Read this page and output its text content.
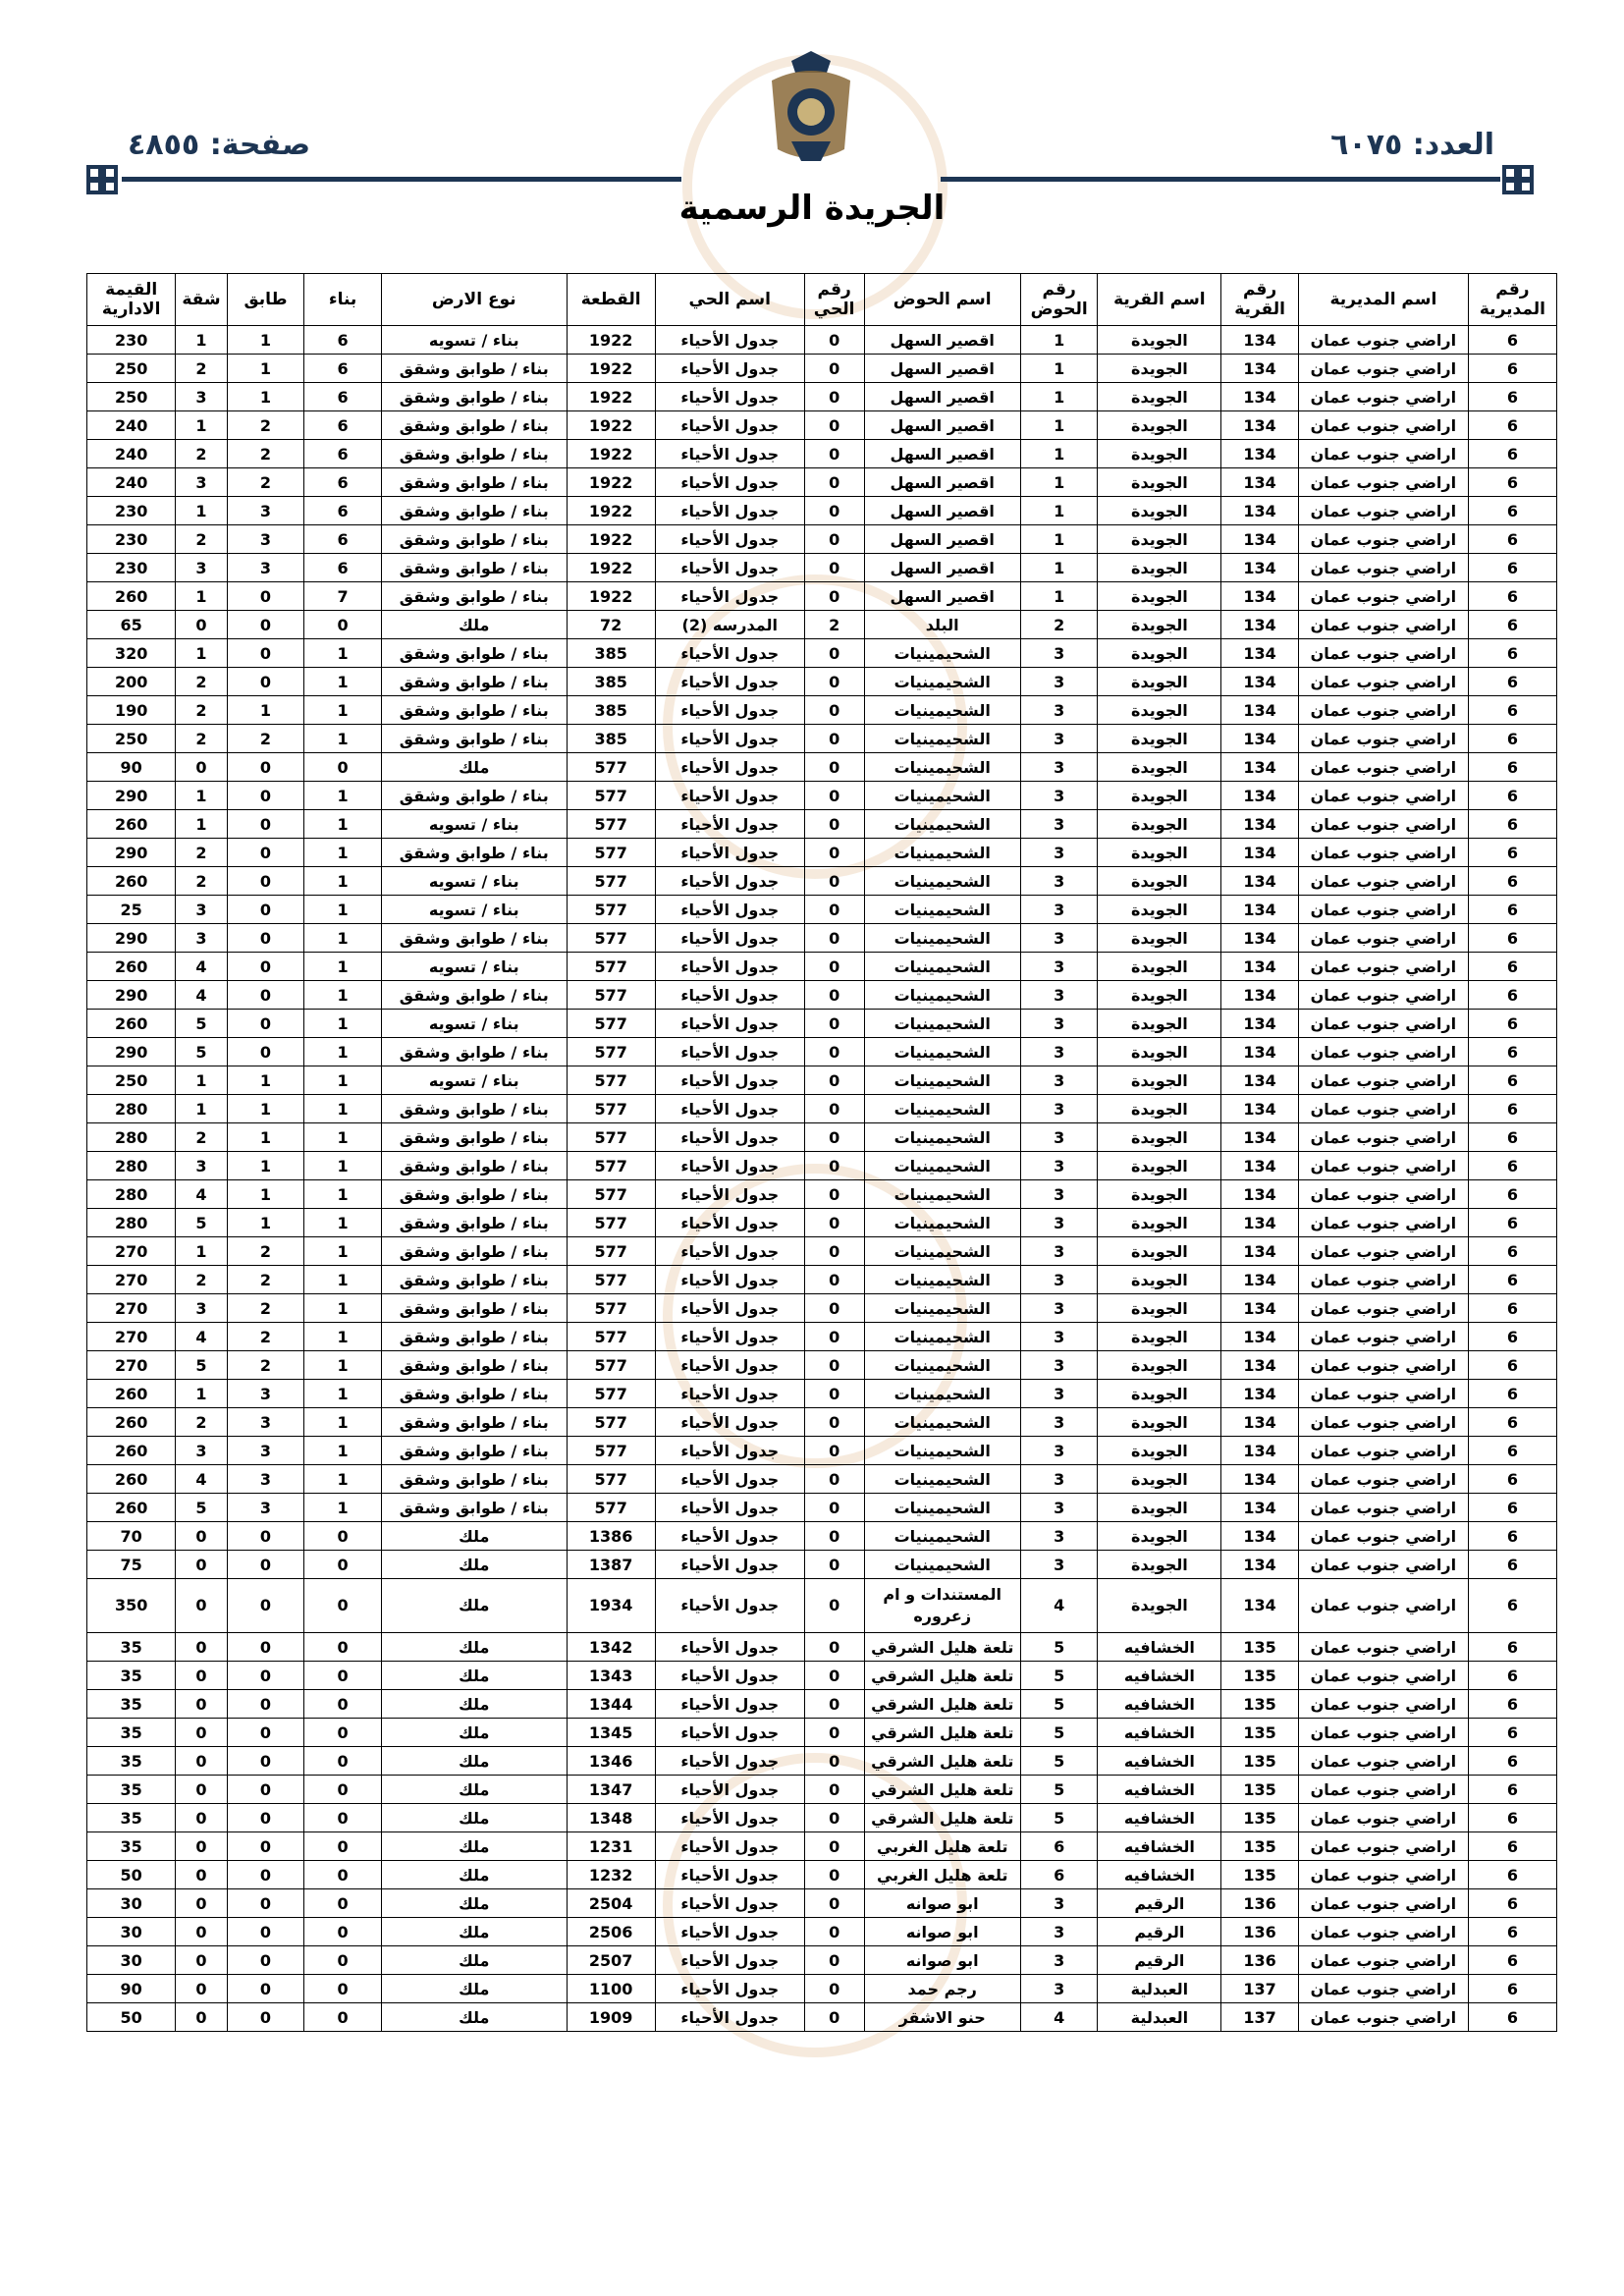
العدد: ٦٠٧٥
صفحة: ٤٨٥٥
الجريدة الرسمية
رقم المديرية	اسم المديرية	رقم القرية	اسم القرية	رقم الحوض	اسم الحوض	رقم الحي	اسم الحي	القطعة	نوع الارض	بناء	طابق	شقة	القيمة الادارية
6	اراضي جنوب عمان	134	الجويدة	1	اقصير السهل	0	جدول الأحياء	1922	بناء / تسويه	6	1	1	230
6	اراضي جنوب عمان	134	الجويدة	1	اقصير السهل	0	جدول الأحياء	1922	بناء / طوابق وشقق	6	1	2	250
6	اراضي جنوب عمان	134	الجويدة	1	اقصير السهل	0	جدول الأحياء	1922	بناء / طوابق وشقق	6	1	3	250
6	اراضي جنوب عمان	134	الجويدة	1	اقصير السهل	0	جدول الأحياء	1922	بناء / طوابق وشقق	6	2	1	240
6	اراضي جنوب عمان	134	الجويدة	1	اقصير السهل	0	جدول الأحياء	1922	بناء / طوابق وشقق	6	2	2	240
6	اراضي جنوب عمان	134	الجويدة	1	اقصير السهل	0	جدول الأحياء	1922	بناء / طوابق وشقق	6	2	3	240
6	اراضي جنوب عمان	134	الجويدة	1	اقصير السهل	0	جدول الأحياء	1922	بناء / طوابق وشقق	6	3	1	230
6	اراضي جنوب عمان	134	الجويدة	1	اقصير السهل	0	جدول الأحياء	1922	بناء / طوابق وشقق	6	3	2	230
6	اراضي جنوب عمان	134	الجويدة	1	اقصير السهل	0	جدول الأحياء	1922	بناء / طوابق وشقق	6	3	3	230
6	اراضي جنوب عمان	134	الجويدة	1	اقصير السهل	0	جدول الأحياء	1922	بناء / طوابق وشقق	7	0	1	260
6	اراضي جنوب عمان	134	الجويدة	2	البلد	2	المدرسه (2)	72	ملك	0	0	0	65
6	اراضي جنوب عمان	134	الجويدة	3	الشحيمينيات	0	جدول الأحياء	385	بناء / طوابق وشقق	1	0	1	320
6	اراضي جنوب عمان	134	الجويدة	3	الشحيمينيات	0	جدول الأحياء	385	بناء / طوابق وشقق	1	0	2	200
6	اراضي جنوب عمان	134	الجويدة	3	الشحيمينيات	0	جدول الأحياء	385	بناء / طوابق وشقق	1	1	2	190
6	اراضي جنوب عمان	134	الجويدة	3	الشحيمينيات	0	جدول الأحياء	385	بناء / طوابق وشقق	1	2	2	250
6	اراضي جنوب عمان	134	الجويدة	3	الشحيمينيات	0	جدول الأحياء	577	ملك	0	0	0	90
6	اراضي جنوب عمان	134	الجويدة	3	الشحيمينيات	0	جدول الأحياء	577	بناء / طوابق وشقق	1	0	1	290
6	اراضي جنوب عمان	134	الجويدة	3	الشحيمينيات	0	جدول الأحياء	577	بناء / تسويه	1	0	1	260
6	اراضي جنوب عمان	134	الجويدة	3	الشحيمينيات	0	جدول الأحياء	577	بناء / طوابق وشقق	1	0	2	290
6	اراضي جنوب عمان	134	الجويدة	3	الشحيمينيات	0	جدول الأحياء	577	بناء / تسويه	1	0	2	260
6	اراضي جنوب عمان	134	الجويدة	3	الشحيمينيات	0	جدول الأحياء	577	بناء / تسويه	1	0	3	25
6	اراضي جنوب عمان	134	الجويدة	3	الشحيمينيات	0	جدول الأحياء	577	بناء / طوابق وشقق	1	0	3	290
6	اراضي جنوب عمان	134	الجويدة	3	الشحيمينيات	0	جدول الأحياء	577	بناء / تسويه	1	0	4	260
6	اراضي جنوب عمان	134	الجويدة	3	الشحيمينيات	0	جدول الأحياء	577	بناء / طوابق وشقق	1	0	4	290
6	اراضي جنوب عمان	134	الجويدة	3	الشحيمينيات	0	جدول الأحياء	577	بناء / تسويه	1	0	5	260
6	اراضي جنوب عمان	134	الجويدة	3	الشحيمينيات	0	جدول الأحياء	577	بناء / طوابق وشقق	1	0	5	290
6	اراضي جنوب عمان	134	الجويدة	3	الشحيمينيات	0	جدول الأحياء	577	بناء / تسويه	1	1	1	250
6	اراضي جنوب عمان	134	الجويدة	3	الشحيمينيات	0	جدول الأحياء	577	بناء / طوابق وشقق	1	1	1	280
6	اراضي جنوب عمان	134	الجويدة	3	الشحيمينيات	0	جدول الأحياء	577	بناء / طوابق وشقق	1	1	2	280
6	اراضي جنوب عمان	134	الجويدة	3	الشحيمينيات	0	جدول الأحياء	577	بناء / طوابق وشقق	1	1	3	280
6	اراضي جنوب عمان	134	الجويدة	3	الشحيمينيات	0	جدول الأحياء	577	بناء / طوابق وشقق	1	1	4	280
6	اراضي جنوب عمان	134	الجويدة	3	الشحيمينيات	0	جدول الأحياء	577	بناء / طوابق وشقق	1	1	5	280
6	اراضي جنوب عمان	134	الجويدة	3	الشحيمينيات	0	جدول الأحياء	577	بناء / طوابق وشقق	1	2	1	270
6	اراضي جنوب عمان	134	الجويدة	3	الشحيمينيات	0	جدول الأحياء	577	بناء / طوابق وشقق	1	2	2	270
6	اراضي جنوب عمان	134	الجويدة	3	الشحيمينيات	0	جدول الأحياء	577	بناء / طوابق وشقق	1	2	3	270
6	اراضي جنوب عمان	134	الجويدة	3	الشحيمينيات	0	جدول الأحياء	577	بناء / طوابق وشقق	1	2	4	270
6	اراضي جنوب عمان	134	الجويدة	3	الشحيمينيات	0	جدول الأحياء	577	بناء / طوابق وشقق	1	2	5	270
6	اراضي جنوب عمان	134	الجويدة	3	الشحيمينيات	0	جدول الأحياء	577	بناء / طوابق وشقق	1	3	1	260
6	اراضي جنوب عمان	134	الجويدة	3	الشحيمينيات	0	جدول الأحياء	577	بناء / طوابق وشقق	1	3	2	260
6	اراضي جنوب عمان	134	الجويدة	3	الشحيمينيات	0	جدول الأحياء	577	بناء / طوابق وشقق	1	3	3	260
6	اراضي جنوب عمان	134	الجويدة	3	الشحيمينيات	0	جدول الأحياء	577	بناء / طوابق وشقق	1	3	4	260
6	اراضي جنوب عمان	134	الجويدة	3	الشحيمينيات	0	جدول الأحياء	577	بناء / طوابق وشقق	1	3	5	260
6	اراضي جنوب عمان	134	الجويدة	3	الشحيمينيات	0	جدول الأحياء	1386	ملك	0	0	0	70
6	اراضي جنوب عمان	134	الجويدة	3	الشحيمينيات	0	جدول الأحياء	1387	ملك	0	0	0	75
6	اراضي جنوب عمان	134	الجويدة	4	المستندات و ام زعروره	0	جدول الأحياء	1934	ملك	0	0	0	350
6	اراضي جنوب عمان	135	الخشافيه	5	تلعة هليل الشرقي	0	جدول الأحياء	1342	ملك	0	0	0	35
6	اراضي جنوب عمان	135	الخشافيه	5	تلعة هليل الشرقي	0	جدول الأحياء	1343	ملك	0	0	0	35
6	اراضي جنوب عمان	135	الخشافيه	5	تلعة هليل الشرقي	0	جدول الأحياء	1344	ملك	0	0	0	35
6	اراضي جنوب عمان	135	الخشافيه	5	تلعة هليل الشرقي	0	جدول الأحياء	1345	ملك	0	0	0	35
6	اراضي جنوب عمان	135	الخشافيه	5	تلعة هليل الشرقي	0	جدول الأحياء	1346	ملك	0	0	0	35
6	اراضي جنوب عمان	135	الخشافيه	5	تلعة هليل الشرقي	0	جدول الأحياء	1347	ملك	0	0	0	35
6	اراضي جنوب عمان	135	الخشافيه	5	تلعة هليل الشرقي	0	جدول الأحياء	1348	ملك	0	0	0	35
6	اراضي جنوب عمان	135	الخشافيه	6	تلعة هليل الغربي	0	جدول الأحياء	1231	ملك	0	0	0	35
6	اراضي جنوب عمان	135	الخشافيه	6	تلعة هليل الغربي	0	جدول الأحياء	1232	ملك	0	0	0	50
6	اراضي جنوب عمان	136	الرقيم	3	ابو صوانه	0	جدول الأحياء	2504	ملك	0	0	0	30
6	اراضي جنوب عمان	136	الرقيم	3	ابو صوانه	0	جدول الأحياء	2506	ملك	0	0	0	30
6	اراضي جنوب عمان	136	الرقيم	3	ابو صوانه	0	جدول الأحياء	2507	ملك	0	0	0	30
6	اراضي جنوب عمان	137	العبدلية	3	رجم حمد	0	جدول الأحياء	1100	ملك	0	0	0	90
6	اراضي جنوب عمان	137	العبدلية	4	حنو الاشقر	0	جدول الأحياء	1909	ملك	0	0	0	50
